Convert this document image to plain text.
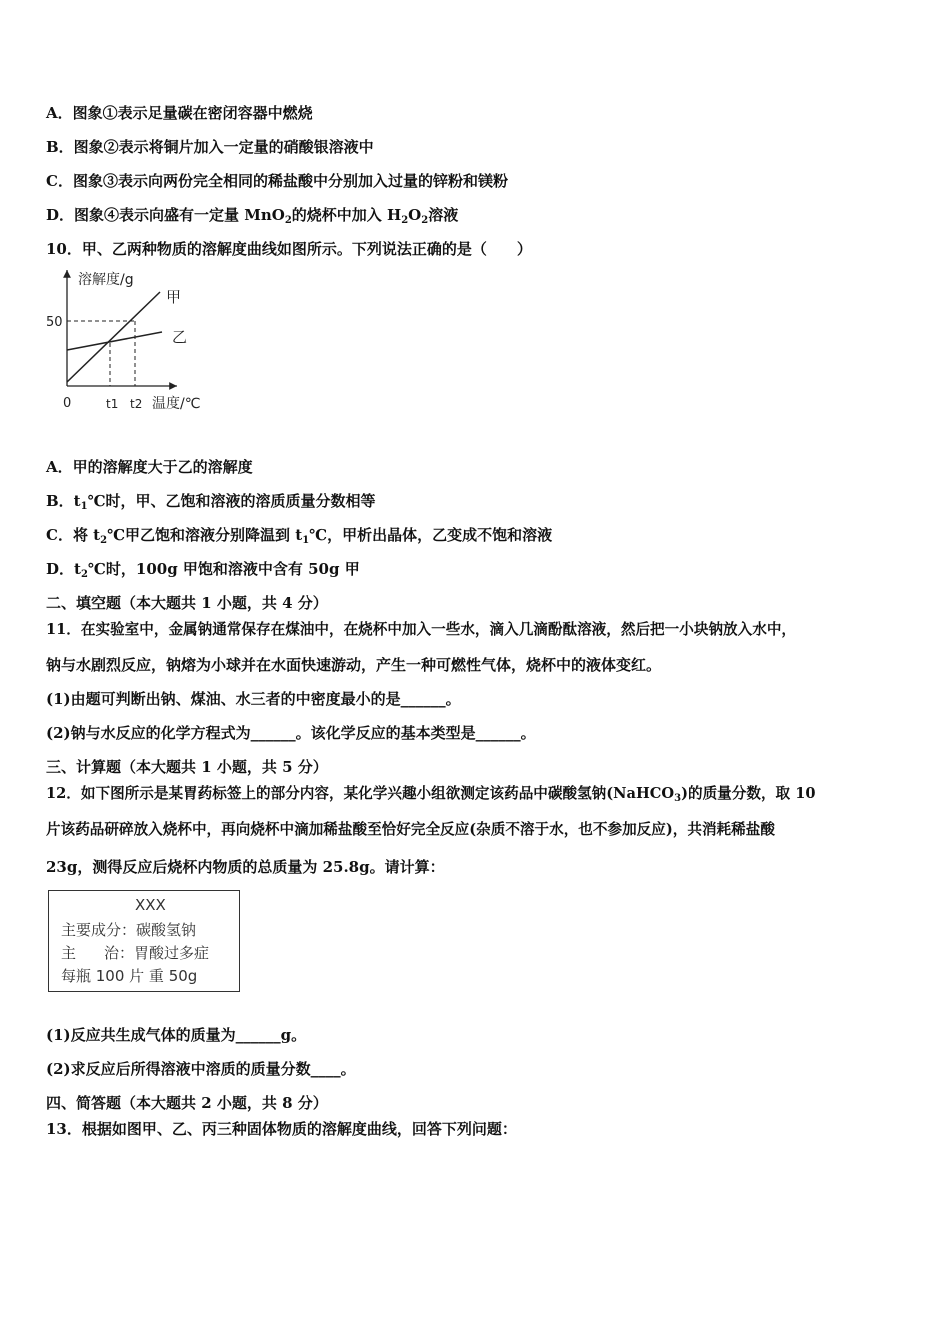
A．图象①表示足量碳在密闭容器中燃烧
B．图象②表示将铜片加入一定量的硝酸银溶液中
C．图象③表示向两份完全相同的稀盐酸中分别加入过量的锌粉和镁粉
D．图象④表示向盛有一定量 MnO$_2$的烧杯中加入 $H_2O_2$溶液
10．甲、乙两种物质的溶解度曲线如图所示。下列说法正确的是（　　）
溶解度/g
温度/℃
0
50
甲
乙
t1 t2
A．甲的溶解度大于乙的溶解度
B．$t_1℃$时，甲、乙饱和溶液的溶质质量分数相等
C．将 $t_2℃$甲乙饱和溶液分别降温到 $t_1℃$，甲析出晶体，乙变成不饱和溶液
D．$t_2℃$时，100g 甲饱和溶液中含有 50g 甲
二、填空题（本大题共 1 小题，共 4 分）
11．在实验室中，金属钠通常保存在煤油中，在烧杯中加入一些水，滴入几滴酚酞溶液，然后把一小块钠放入水中，
钠与水剧烈反应，钠熔为小球并在水面快速游动，产生一种可燃性气体，烧杯中的液体变红。
(1)由题可判断出钠、煤油、水三者的中密度最小的是______。
(2)钠与水反应的化学方程式为______。该化学反应的基本类型是______。
三、计算题（本大题共 1 小题，共 5 分）
12．如下图所示是某胃药标签上的部分内容，某化学兴趣小组欲测定该药品中碳酸氢钠(NaHCO$_3$)的质量分数，取 10
片该药品研碎放入烧杯中，再向烧杯中滴加稀盐酸至恰好完全反应(杂质不溶于水，也不参加反应)，共消耗稀盐酸
23g，测得反应后烧杯内物质的总质量为 25.8g。请计算：
XXX
主要成分：碳酸氢钠
主 治：胃酸过多症
每瓶 100 片 重 50g
(1)反应共生成气体的质量为______g。
(2)求反应后所得溶液中溶质的质量分数____。
四、简答题（本大题共 2 小题，共 8 分）
13．根据如图甲、乙、丙三种固体物质的溶解度曲线，回答下列问题：
